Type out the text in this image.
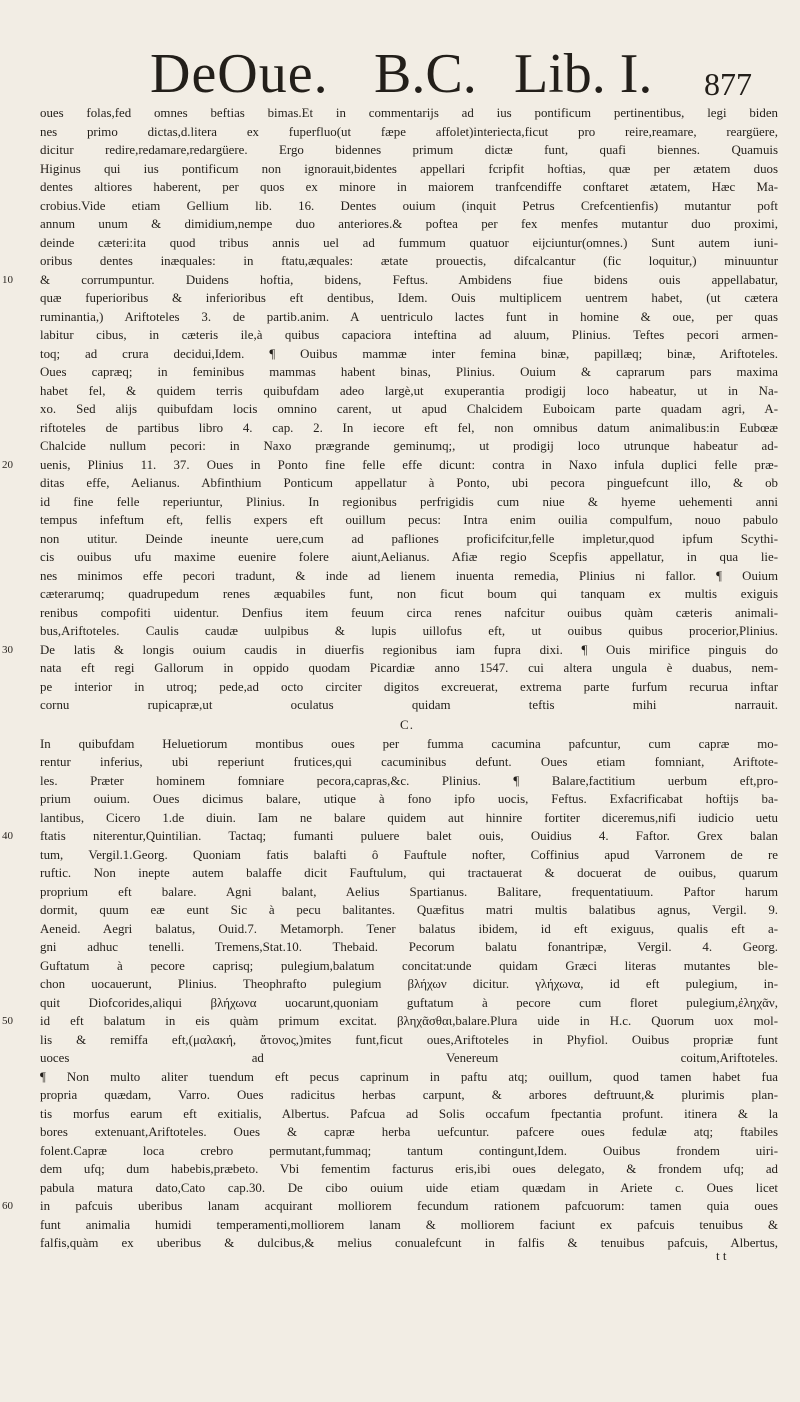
DeOue. B.C. Lib. I. 877
oues folas,fed omnes beftias bimas.Et in commentarijs ad ius pontificum pertinentibus, legi biden
nes primo dictas,d.litera ex fuperfluo(ut fæpe affolet)interiecta,ficut pro reire,reamare, reargüere,
dicitur redire,redamare,redargüere. Ergo bidennes primum dictæ funt, quafi biennes. Quamuis
Higinus qui ius pontificum non ignorauit,bidentes appellari fcripfit hoftias, quæ per ætatem duos
dentes altiores haberent, per quos ex minore in maiorem tranfcendiffe conftaret ætatem, Hæc Ma-
crobius.Vide etiam Gellium lib. 16. Dentes ouium (inquit Petrus Crefcentienfis) mutantur poft
annum unum & dimidium,nempe duo anteriores.& poftea per fex menfes mutantur duo proximi,
deinde cæteri:ita quod tribus annis uel ad fummum quatuor eijciuntur(omnes.) Sunt autem iuni-
oribus dentes inæquales: in ftatu,æquales: ætate prouectis, difcalcantur (fic loquitur,) minuuntur
10	& corrumpuntur. Duidens hoftia, bidens, Feftus. Ambidens fiue bidens ouis appellabatur,
quæ fuperioribus & inferioribus eft dentibus, Idem. Ouis multiplicem uentrem habet, (ut cætera
ruminantia,) Ariftoteles 3. de partib.anim. A uentriculo lactes funt in homine & oue, per quas
labitur cibus, in cæteris ile,à quibus capaciora inteftina ad aluum, Plinius. Teftes pecori armen-
toq; ad crura decidui,Idem. ¶ Ouibus mammæ inter femina binæ, papillæq; binæ, Ariftoteles.
Oues capræq; in feminibus mammas habent binas, Plinius. Ouium & caprarum pars maxima
habet fel, & quidem terris quibufdam adeo largè,ut exuperantia prodigij loco habeatur, ut in Na-
xo. Sed alijs quibufdam locis omnino carent, ut apud Chalcidem Euboicam parte quadam agri, A-
riftoteles de partibus libro 4. cap. 2. In iecore eft fel, non omnibus datum animalibus:in Eubœæ
Chalcide nullum pecori: in Naxo prægrande geminumq;, ut prodigij loco utrunque habeatur ad-
20	uenis, Plinius 11. 37. Oues in Ponto fine felle effe dicunt: contra in Naxo infula duplici felle præ-
ditas effe, Aelianus. Abfinthium Ponticum appellatur à Ponto, ubi pecora pinguefcunt illo, & ob
id fine felle reperiuntur, Plinius. In regionibus perfrigidis cum niue & hyeme uehementi anni
tempus infeftum eft, fellis expers eft ouillum pecus: Intra enim ouilia compulfum, nouo pabulo
non utitur. Deinde ineunte uere,cum ad pafliones proficifcitur,felle impletur,quod ipfum Scythi-
cis ouibus ufu maxime euenire folere aiunt,Aelianus. Afiæ regio Scepfis appellatur, in qua lie-
nes minimos effe pecori tradunt, & inde ad lienem inuenta remedia, Plinius ni fallor. ¶ Ouium
cæterarumq; quadrupedum renes æquabiles funt, non ficut boum qui tanquam ex multis exiguis
renibus compofiti uidentur. Denfius item feuum circa renes nafcitur ouibus quàm cæteris animali-
bus,Ariftoteles. Caulis caudæ uulpibus & lupis uillofus eft, ut ouibus quibus procerior,Plinius.
30	De latis & longis ouium caudis in diuerfis regionibus iam fupra dixi. ¶ Ouis mirifice pinguis do
nata eft regi Gallorum in oppido quodam Picardiæ anno 1547. cui altera ungula è duabus, nem-
pe interior in utroq; pede,ad octo circiter digitos excreuerat, extrema parte furfum recurua inftar
cornu rupicapræ,ut oculatus quidam teftis mihi narrauit.
C.
In quibufdam Heluetiorum montibus oues per fumma cacumina pafcuntur, cum capræ mo-
rentur inferius, ubi reperiunt frutices,qui cacuminibus defunt. Oues etiam fomniant, Ariftote-
les. Præter hominem fomniare pecora,capras,&c. Plinius. ¶ Balare,factitium uerbum eft,pro-
prium ouium. Oues dicimus balare, utique à fono ipfo uocis, Feftus. Exfacrificabat hoftijs ba-
lantibus, Cicero 1.de diuin. Iam ne balare quidem aut hinnire fortiter diceremus,nifi iudicio uetu
40	ftatis niterentur,Quintilian. Tactaq; fumanti puluere balet ouis, Ouidius 4. Faftor. Grex balan
tum, Vergil.1.Georg. Quoniam fatis balafti ô Fauftule nofter, Coffinius apud Varronem de re
ruftic. Non inepte autem balaffe dicit Fauftulum, qui tractauerat & docuerat de ouibus, quarum
proprium eft balare. Agni balant, Aelius Spartianus. Balitare, frequentatiuum. Paftor harum
dormit, quum eæ eunt Sic à pecu balitantes. Quæfitus matri multis balatibus agnus, Vergil. 9.
Aeneid. Aegri balatus, Ouid.7. Metamorph. Tener balatus ibidem, id eft exiguus, qualis eft a-
gni adhuc tenelli. Tremens,Stat.10. Thebaid. Pecorum balatu fonantripæ, Vergil. 4. Georg.
Guftatum à pecore caprisq; pulegium,balatum concitat:unde quidam Græci literas mutantes ble-
chon uocauerunt, Plinius. Theophrafto pulegium βλήχων dicitur. γλήχωνα, id eft pulegium, in-
quit Diofcorides,aliqui βλήχωνα uocarunt,quoniam guftatum à pecore cum floret pulegium,ἐληχᾶν,
50	id eft balatum in eis quàm primum excitat. βληχᾶσθαι,balare.Plura uide in H.c. Quorum uox mol-
lis & remiffa eft,(μαλακή, ἄτονος,)mites funt,ficut oues,Ariftoteles in Phyfiol. Ouibus propriæ funt
uoces ad Venereum coitum,Ariftoteles.
¶ Non multo aliter tuendum eft pecus caprinum in paftu atq; ouillum, quod tamen habet fua
propria quædam, Varro. Oues radicitus herbas carpunt, & arbores deftruunt,& plurimis plan-
tis morfus earum eft exitialis, Albertus. Pafcua ad Solis occafum fpectantia profunt. itinera & la
bores extenuant,Ariftoteles. Oues & capræ herba uefcuntur. pafcere oues fedulæ atq; ftabiles
folent.Capræ loca crebro permutant,fummaq; tantum contingunt,Idem. Ouibus frondem uiri-
dem ufq; dum habebis,præbeto. Vbi fementim facturus eris,ibi oues delegato, & frondem ufq; ad
pabula matura dato,Cato cap.30. De cibo ouium uide etiam quædam in Ariete c. Oues licet
60	in pafcuis uberibus lanam acquirant molliorem fecundum rationem pafcuorum: tamen quia oues
funt animalia humidi temperamenti,molliorem lanam & molliorem faciunt ex pafcuis tenuibus &
falfis,quàm ex uberibus & dulcibus,& melius conualefcunt in falfis & tenuibus pafcuis, Albertus,
t t
